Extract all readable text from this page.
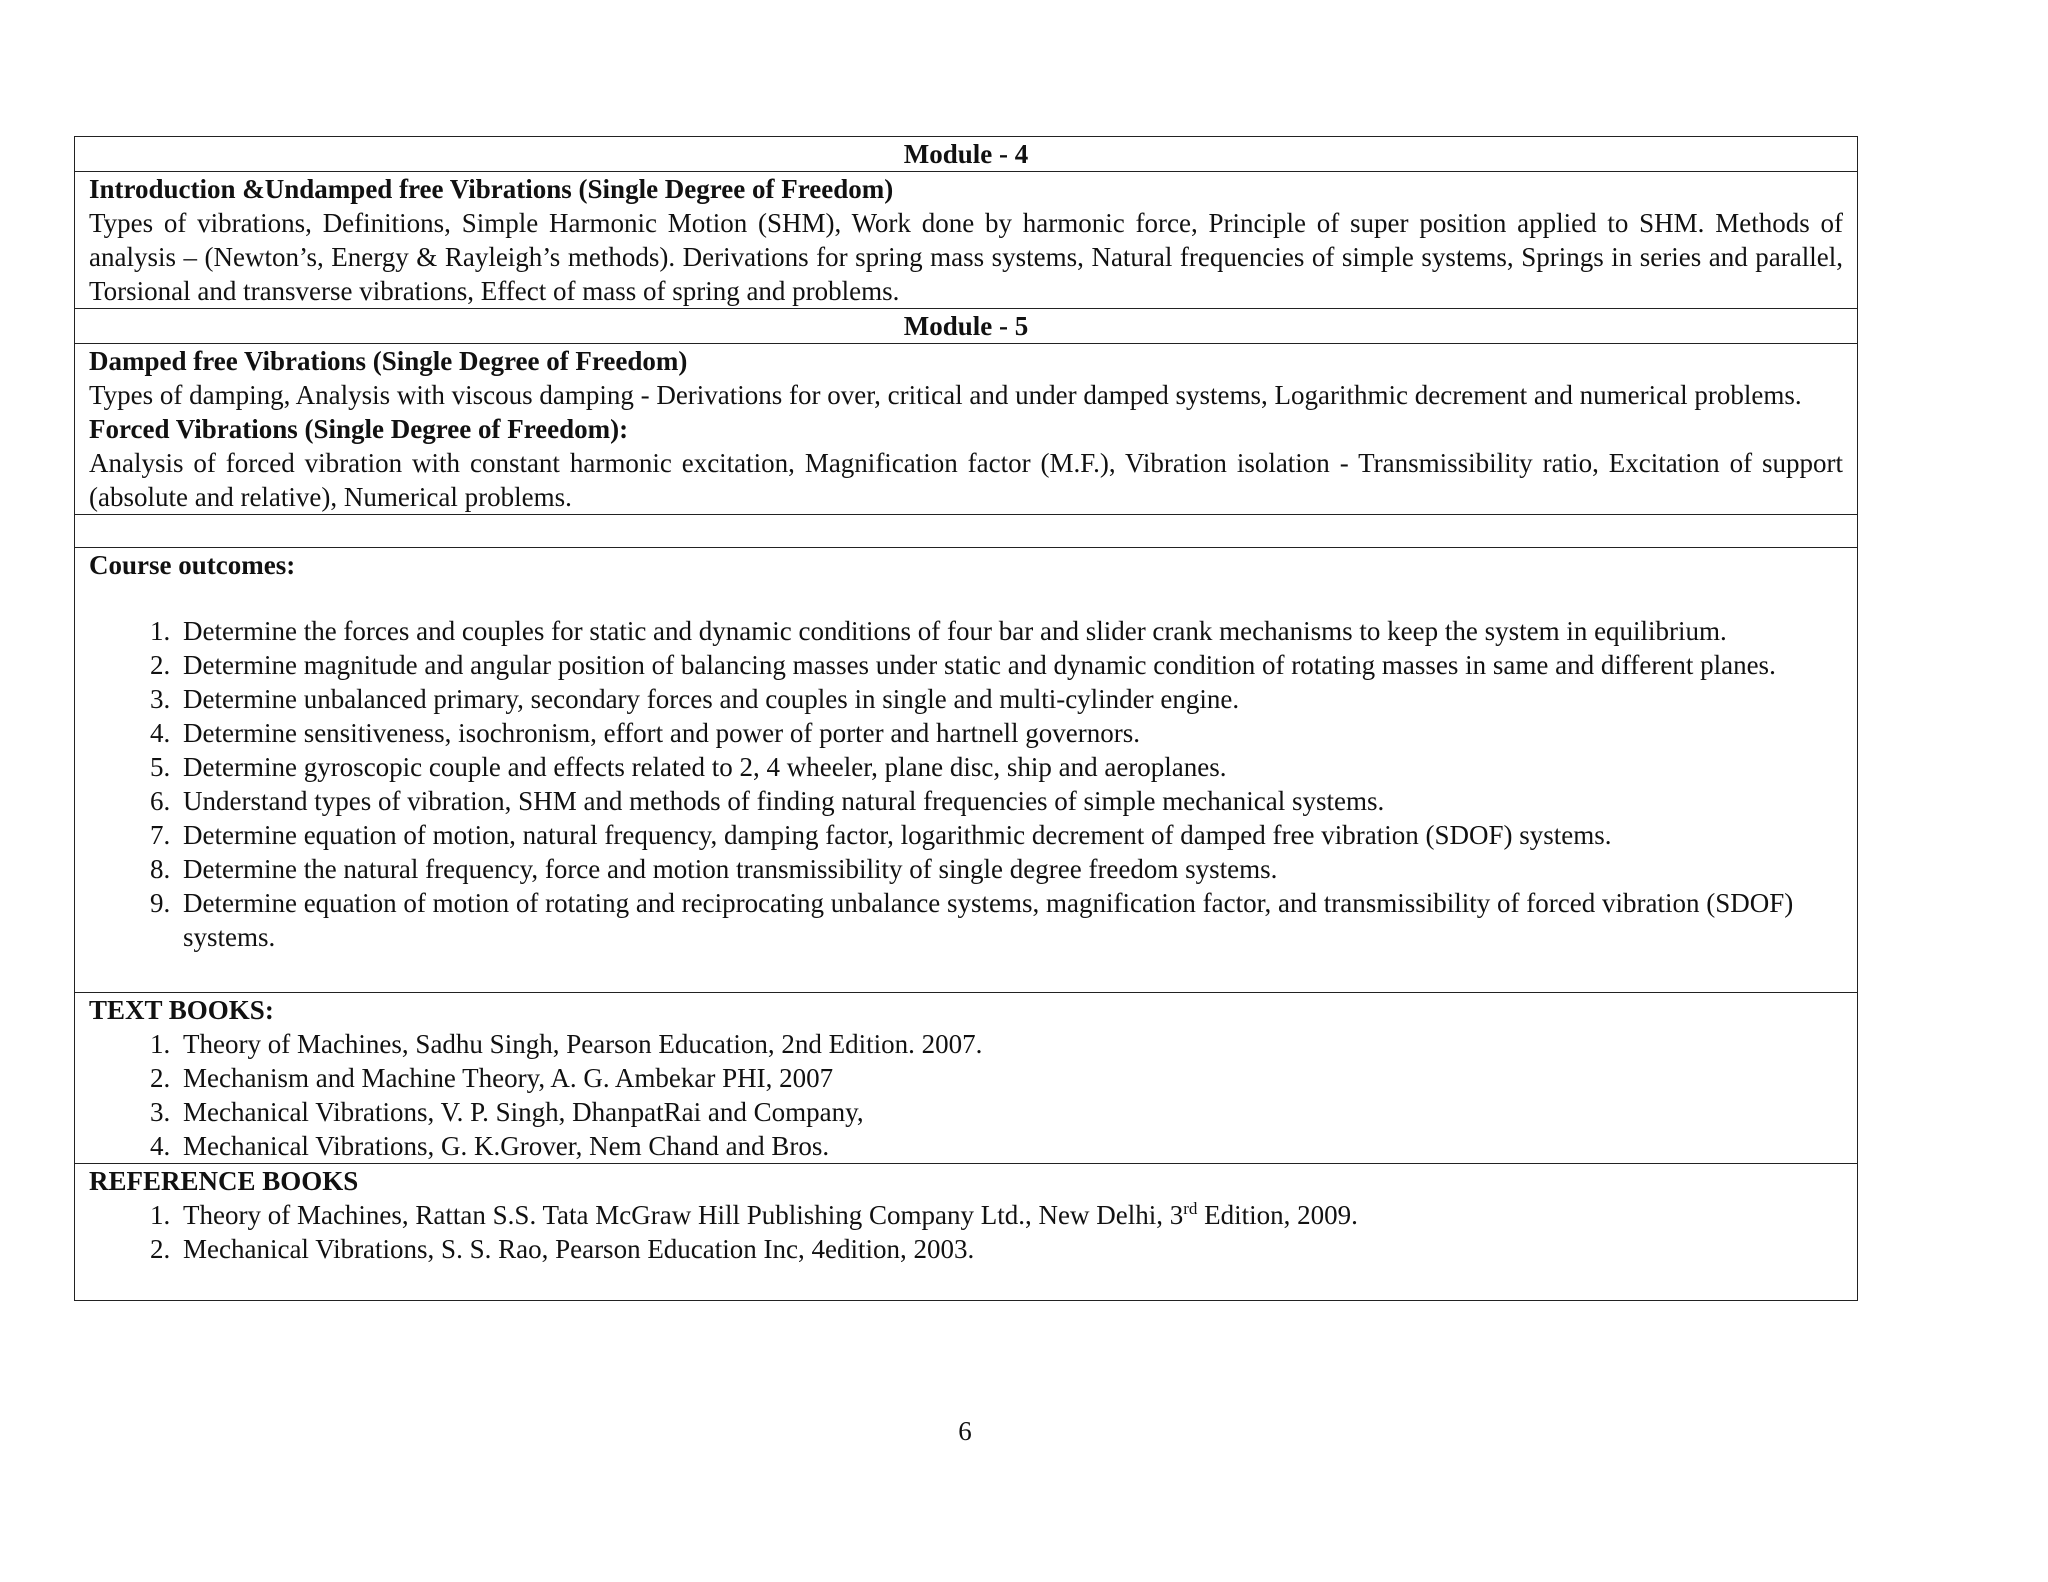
Module - 4

Introduction &Undamped free Vibrations (Single Degree of Freedom)
Types of vibrations, Definitions, Simple Harmonic Motion (SHM), Work done by harmonic force, Principle of super position applied to SHM. Methods of analysis – (Newton’s, Energy & Rayleigh’s methods). Derivations for spring mass systems, Natural frequencies of simple systems, Springs in series and parallel, Torsional and transverse vibrations, Effect of mass of spring and problems.

Module - 5

Damped free Vibrations (Single Degree of Freedom)
Types of damping, Analysis with viscous damping - Derivations for over, critical and under damped systems, Logarithmic decrement and numerical problems.
Forced Vibrations (Single Degree of Freedom):
Analysis of forced vibration with constant harmonic excitation, Magnification factor (M.F.), Vibration isolation - Transmissibility ratio, Excitation of support (absolute and relative), Numerical problems.

Course outcomes:
1. Determine the forces and couples for static and dynamic conditions of four bar and slider crank mechanisms to keep the system in equilibrium.
2. Determine magnitude and angular position of balancing masses under static and dynamic condition of rotating masses in same and different planes.
3. Determine unbalanced primary, secondary forces and couples in single and multi-cylinder engine.
4. Determine sensitiveness, isochronism, effort and power of porter and hartnell governors.
5. Determine gyroscopic couple and effects related to 2, 4 wheeler, plane disc, ship and aeroplanes.
6. Understand types of vibration, SHM and methods of finding natural frequencies of simple mechanical systems.
7. Determine equation of motion, natural frequency, damping factor, logarithmic decrement of damped free vibration (SDOF) systems.
8. Determine the natural frequency, force and motion transmissibility of single degree freedom systems.
9. Determine equation of motion of rotating and reciprocating unbalance systems, magnification factor, and transmissibility of forced vibration (SDOF) systems.

TEXT BOOKS:
1. Theory of Machines, Sadhu Singh, Pearson Education, 2nd Edition. 2007.
2. Mechanism and Machine Theory, A. G. Ambekar PHI, 2007
3. Mechanical Vibrations, V. P. Singh, DhanpatRai and Company,
4. Mechanical Vibrations, G. K.Grover, Nem Chand and Bros.

REFERENCE BOOKS
1. Theory of Machines, Rattan S.S. Tata McGraw Hill Publishing Company Ltd., New Delhi, 3rd Edition, 2009.
2. Mechanical Vibrations, S. S. Rao, Pearson Education Inc, 4edition, 2003.
6
